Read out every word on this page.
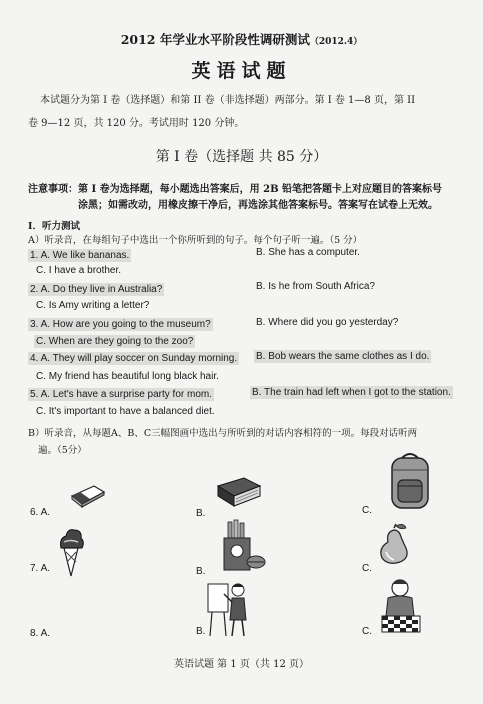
2012 年学业水平阶段性调研测试（2012.4）
英语试题
本试题分为第 I 卷（选择题）和第 II 卷（非选择题）两部分。第 I 卷 1—8 页，第 II
卷 9—12 页，共 120 分。考试用时 120 分钟。
第 I 卷（选择题 共 85 分）
注意事项：第 I 卷为选择题，每小题选出答案后，用 2B 铅笔把答题卡上对应题目的答案标号
涂黑；如需改动，用橡皮擦干净后，再选涂其他答案标号。答案写在试卷上无效。
I．听力测试
A）听录音，在每组句子中选出一个你所听到的句子。每个句子听一遍。（5 分）
1. A. We like bananas.	B. She has a computer.
C. I have a brother.
2. A. Do they live in Australia?	B. Is he from South Africa?
C. Is Amy writing a letter?
3. A. How are you going to the museum?	B. Where did you go yesterday?
C. When are they going to the zoo?
4. A. They will play soccer on Sunday morning. B. Bob wears the same clothes as I do.
C. My friend has beautiful long black hair.
5. A. Let's have a surprise party for mom.	B. The train had left when I got to the station.
C. It's important to have a balanced diet.
B）听录音，从每题A、B、C三幅图画中选出与所听到的对话内容相符的一项。每段对话听两
遍。（5分）
6. A.	B.	C.
7. A.	B.	C.
8. A.	B.	C.
英语试题 第 1 页（共 12 页）
